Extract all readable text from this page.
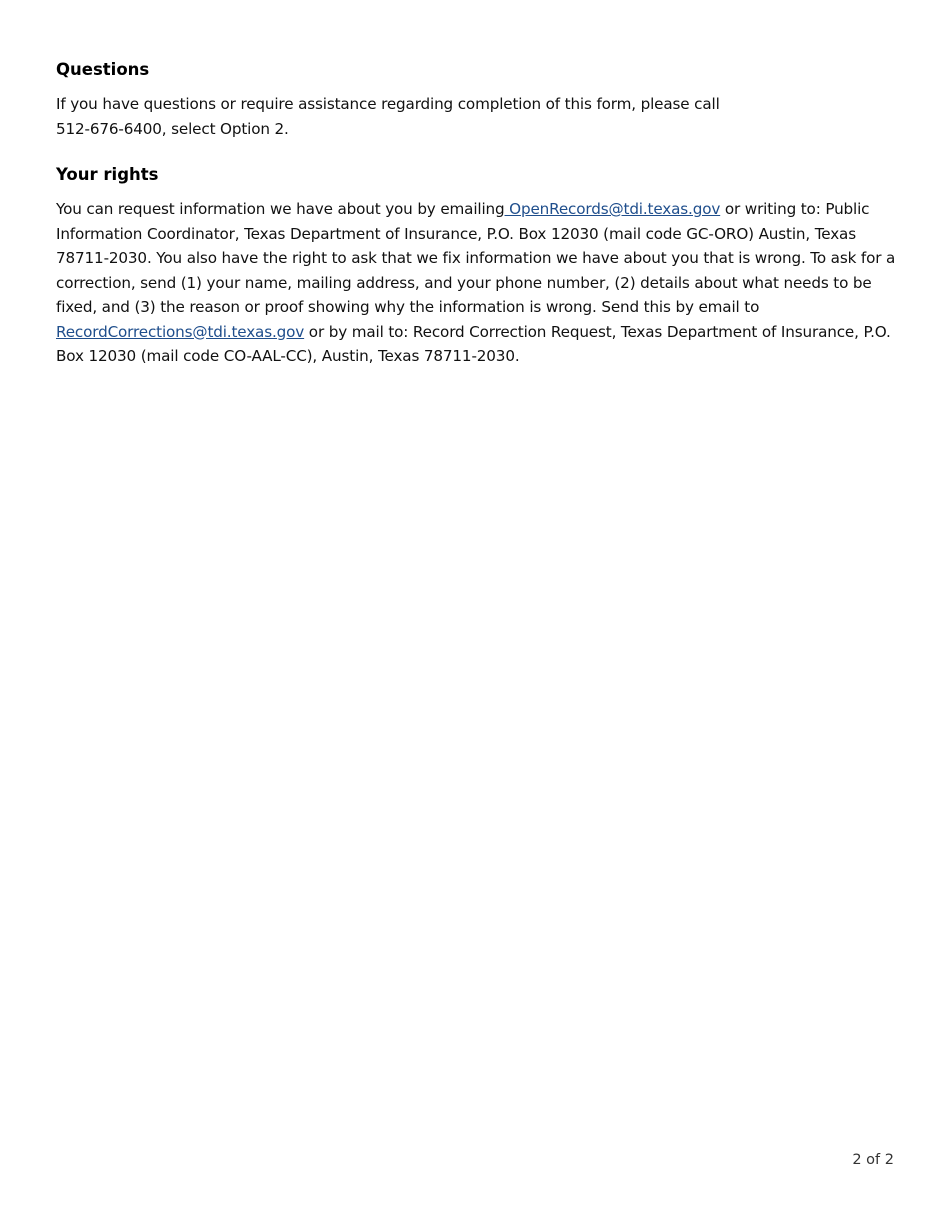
Questions

If you have questions or require assistance regarding completion of this form, please call
512-676-6400, select Option 2.

Your rights

You can request information we have about you by emailing OpenRecords@tdi.texas.gov or writing to: Public Information Coordinator, Texas Department of Insurance, P.O. Box 12030 (mail code GC-ORO) Austin, Texas 78711-2030. You also have the right to ask that we fix information we have about you that is wrong. To ask for a correction, send (1) your name, mailing address, and your phone number, (2) details about what needs to be fixed, and (3) the reason or proof showing why the information is wrong. Send this by email to RecordCorrections@tdi.texas.gov or by mail to: Record Correction Request, Texas Department of Insurance, P.O. Box 12030 (mail code CO-AAL-CC), Austin, Texas 78711-2030.

2 of 2
